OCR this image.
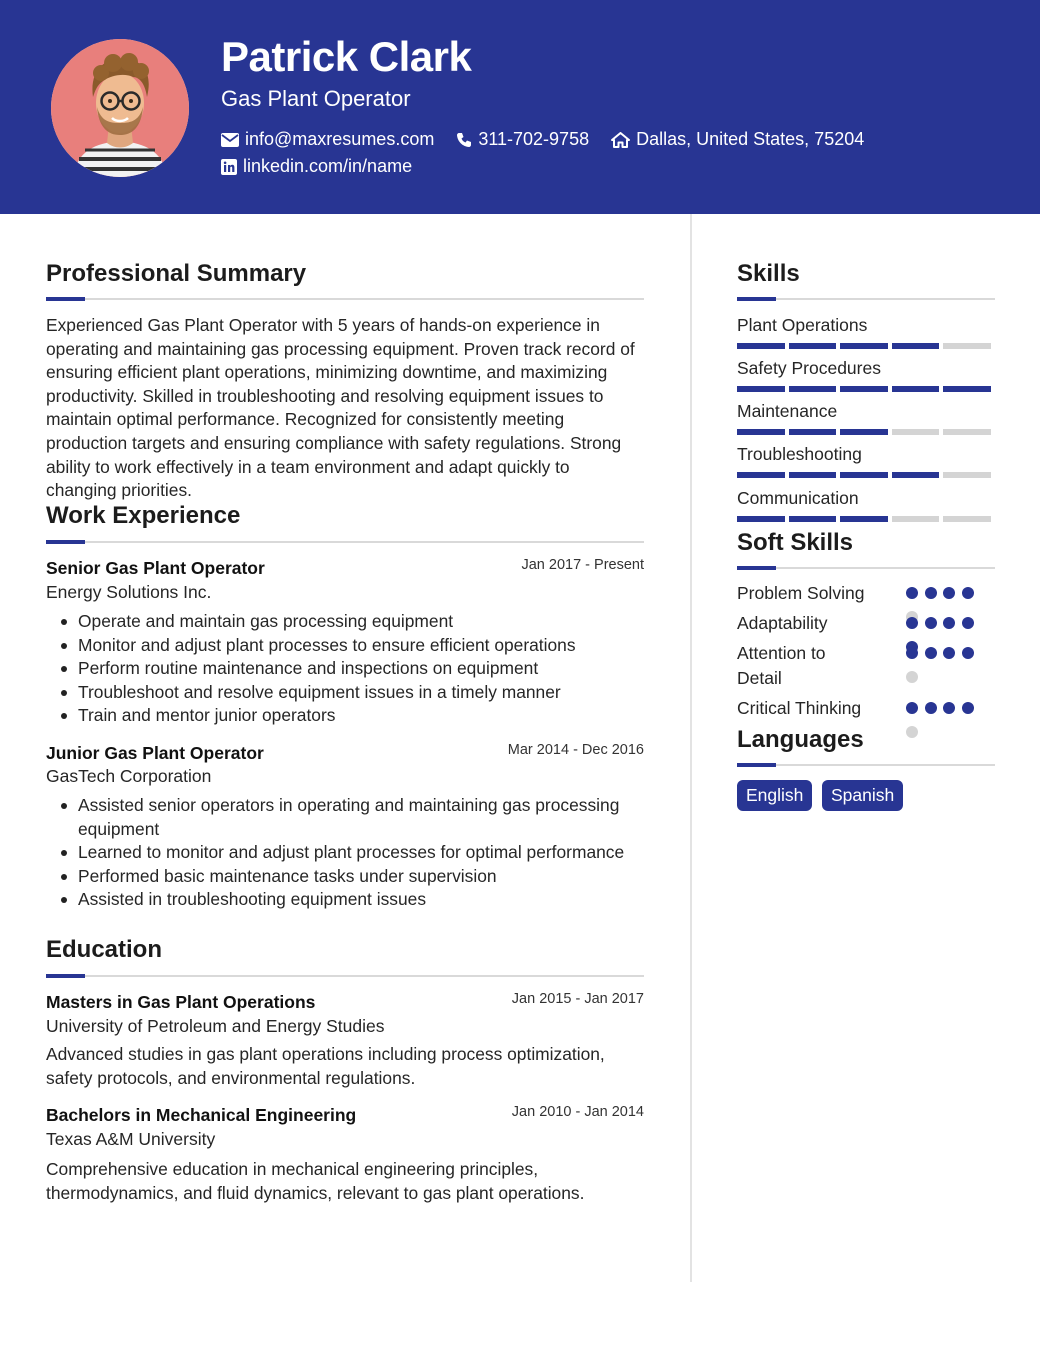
Patrick Clark
Gas Plant Operator
info@maxresumes.com 311-702-9758	Dallas, United States, 75204
linkedin.com/in/name
Professional Summary
Experienced Gas Plant Operator with 5 years of hands-on experience in operating and maintaining gas processing equipment. Proven track record of ensuring efficient plant operations, minimizing downtime, and maximizing productivity. Skilled in troubleshooting and resolving equipment issues to maintain optimal performance. Recognized for consistently meeting production targets and ensuring compliance with safety regulations. Strong ability to work effectively in a team environment and adapt quickly to changing priorities.
Work Experience
Senior Gas Plant Operator	Jan 2017 - Present
Energy Solutions Inc.
Operate and maintain gas processing equipment
Monitor and adjust plant processes to ensure efficient operations
Perform routine maintenance and inspections on equipment
Troubleshoot and resolve equipment issues in a timely manner
Train and mentor junior operators
Junior Gas Plant Operator	Mar 2014 - Dec 2016
GasTech Corporation
Assisted senior operators in operating and maintaining gas processing equipment
Learned to monitor and adjust plant processes for optimal performance
Performed basic maintenance tasks under supervision
Assisted in troubleshooting equipment issues
Education
Masters in Gas Plant Operations	Jan 2015 - Jan 2017
University of Petroleum and Energy Studies
Advanced studies in gas plant operations including process optimization, safety protocols, and environmental regulations.
Bachelors in Mechanical Engineering	Jan 2010 - Jan 2014
Texas A&M University
Comprehensive education in mechanical engineering principles, thermodynamics, and fluid dynamics, relevant to gas plant operations.
Skills
Plant Operations
Safety Procedures
Maintenance
Troubleshooting
Communication
Soft Skills
Problem Solving
Adaptability
Attention to Detail
Critical Thinking
Languages
English	Spanish
